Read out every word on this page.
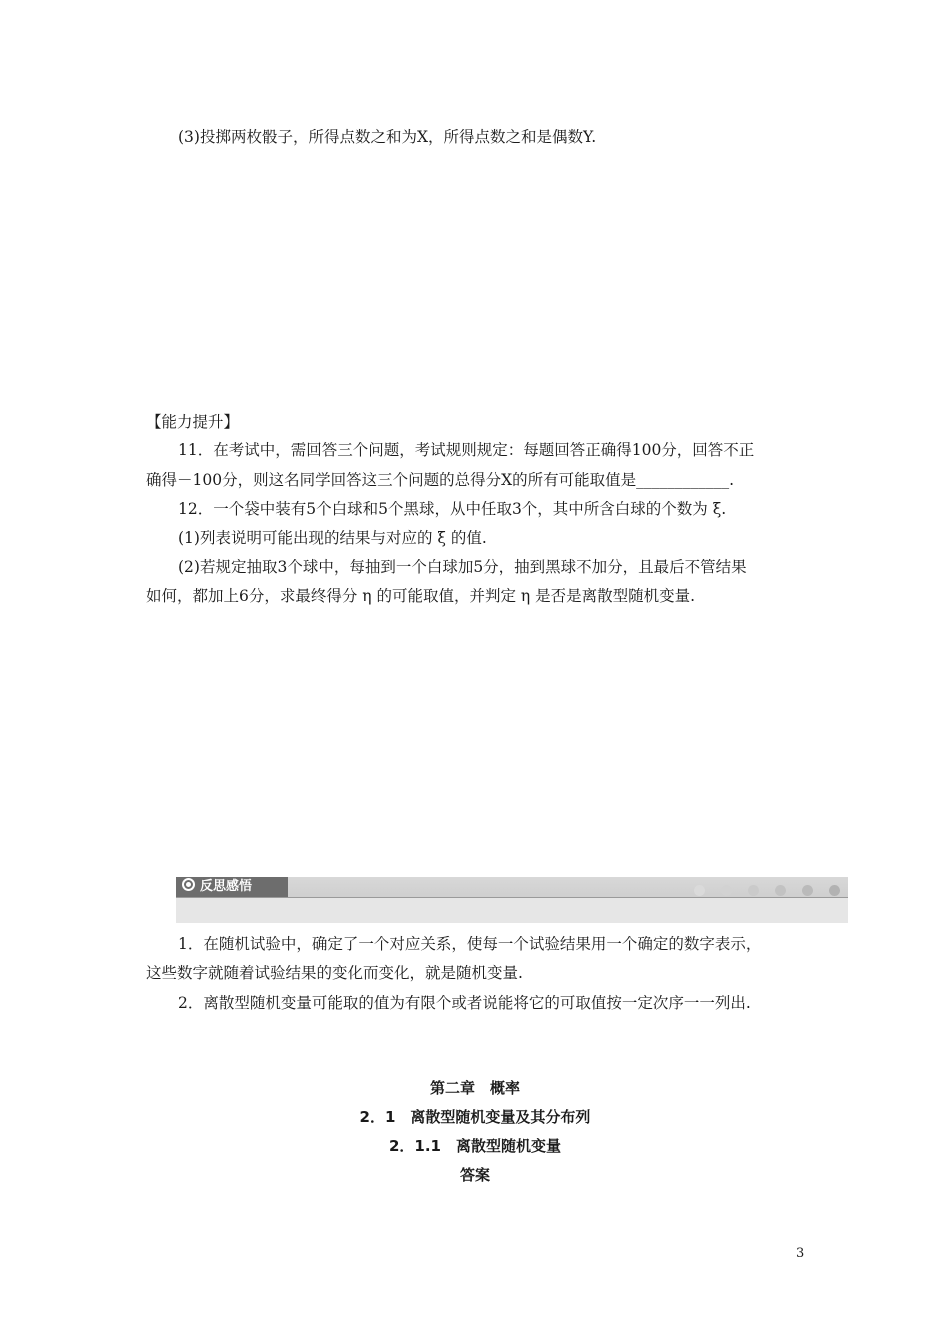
(3)投掷两枚骰子，所得点数之和为X，所得点数之和是偶数Y.
【能力提升】
11．在考试中，需回答三个问题，考试规则规定：每题回答正确得100分，回答不正
确得－100分，则这名同学回答这三个问题的总得分X的所有可能取值是____________.
12．一个袋中装有5个白球和5个黑球，从中任取3个，其中所含白球的个数为 ξ.
(1)列表说明可能出现的结果与对应的 ξ 的值.
(2)若规定抽取3个球中，每抽到一个白球加5分，抽到黑球不加分，且最后不管结果
如何，都加上6分，求最终得分 η 的可能取值，并判定 η 是否是离散型随机变量.
反思感悟

1．在随机试验中，确定了一个对应关系，使每一个试验结果用一个确定的数字表示，
这些数字就随着试验结果的变化而变化，就是随机变量.
2．离散型随机变量可能取的值为有限个或者说能将它的可取值按一定次序一一列出.
第二章　概率
2．1　离散型随机变量及其分布列
2．1.1　离散型随机变量
答案
3
